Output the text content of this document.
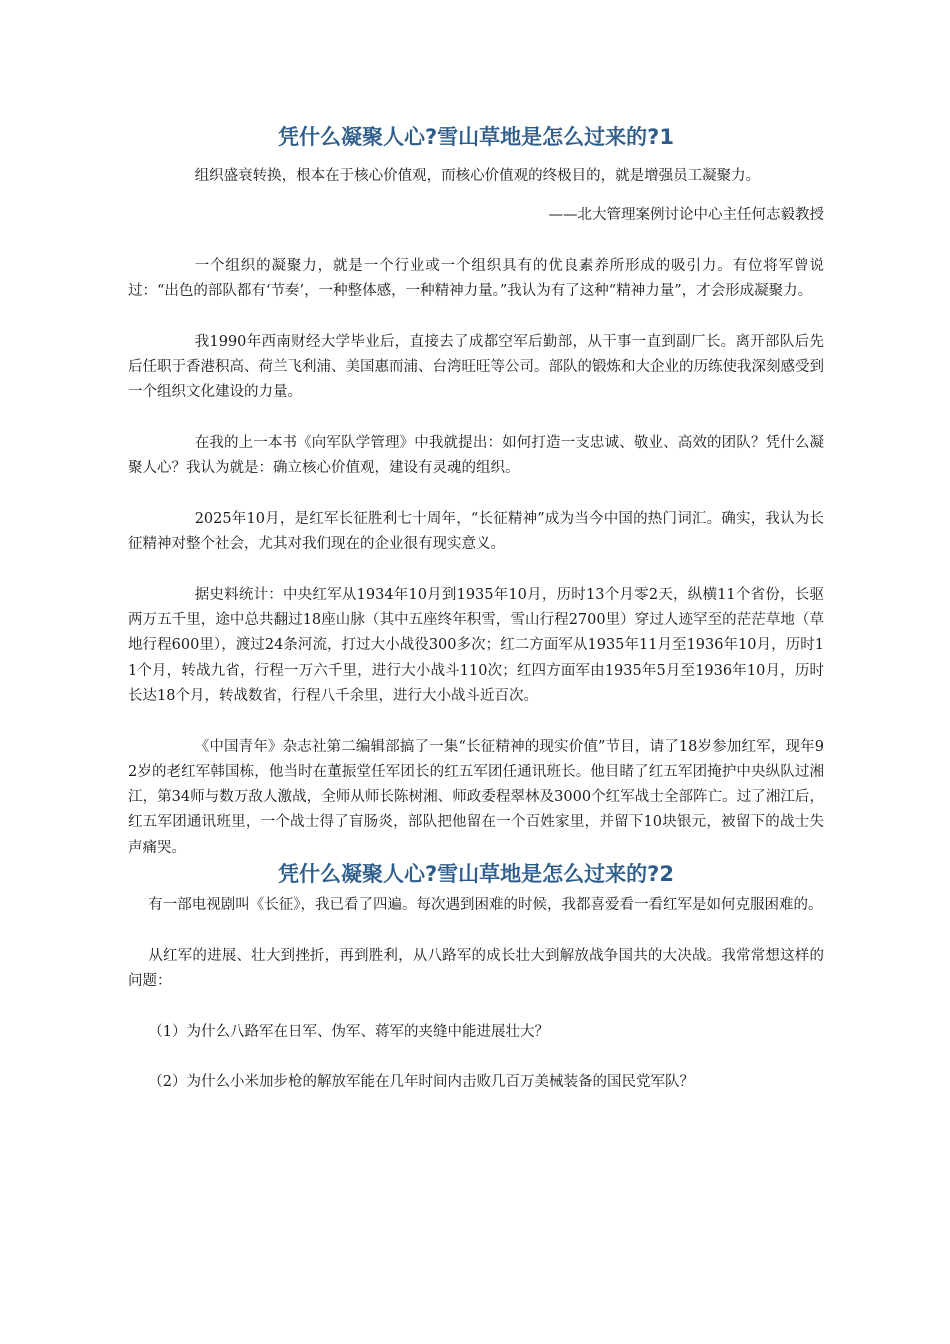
凭什么凝聚人心?雪山草地是怎么过来的?1

组织盛衰转换，根本在于核心价值观，而核心价值观的终极目的，就是增强员工凝聚力。

——北大管理案例讨论中心主任何志毅教授

一个组织的凝聚力，就是一个行业或一个组织具有的优良素养所形成的吸引力。有位将军曾说过：“出色的部队都有‘节奏’，一种整体感，一种精神力量。”我认为有了这种“精神力量”，才会形成凝聚力。

我1990年西南财经大学毕业后，直接去了成都空军后勤部，从干事一直到副厂长。离开部队后先后任职于香港积高、荷兰飞利浦、美国惠而浦、台湾旺旺等公司。部队的锻炼和大企业的历练使我深刻感受到一个组织文化建设的力量。

在我的上一本书《向军队学管理》中我就提出：如何打造一支忠诚、敬业、高效的团队？凭什么凝聚人心？我认为就是：确立核心价值观，建设有灵魂的组织。

2025年10月，是红军长征胜利七十周年，“长征精神”成为当今中国的热门词汇。确实，我认为长征精神对整个社会，尤其对我们现在的企业很有现实意义。

据史料统计：中央红军从1934年10月到1935年10月，历时13个月零2天，纵横11个省份，长驱两万五千里，途中总共翻过18座山脉（其中五座终年积雪，雪山行程2700里）穿过人迹罕至的茫茫草地（草地行程600里），渡过24条河流，打过大小战役300多次；红二方面军从1935年11月至1936年10月，历时11个月，转战九省，行程一万六千里，进行大小战斗110次；红四方面军由1935年5月至1936年10月，历时长达18个月，转战数省，行程八千余里，进行大小战斗近百次。

《中国青年》杂志社第二编辑部搞了一集“长征精神的现实价值”节目，请了18岁参加红军，现年92岁的老红军韩国栋，他当时在董振堂任军团长的红五军团任通讯班长。他目睹了红五军团掩护中央纵队过湘江，第34师与数万敌人激战，全师从师长陈树湘、师政委程翠林及3000个红军战士全部阵亡。过了湘江后，红五军团通讯班里，一个战士得了盲肠炎，部队把他留在一个百姓家里，并留下10块银元，被留下的战士失声痛哭。

凭什么凝聚人心?雪山草地是怎么过来的?2

有一部电视剧叫《长征》，我已看了四遍。每次遇到困难的时候，我都喜爱看一看红军是如何克服困难的。

从红军的进展、壮大到挫折，再到胜利，从八路军的成长壮大到解放战争国共的大决战。我常常想这样的问题：

（1）为什么八路军在日军、伪军、蒋军的夹缝中能进展壮大？

（2）为什么小米加步枪的解放军能在几年时间内击败几百万美械装备的国民党军队？
